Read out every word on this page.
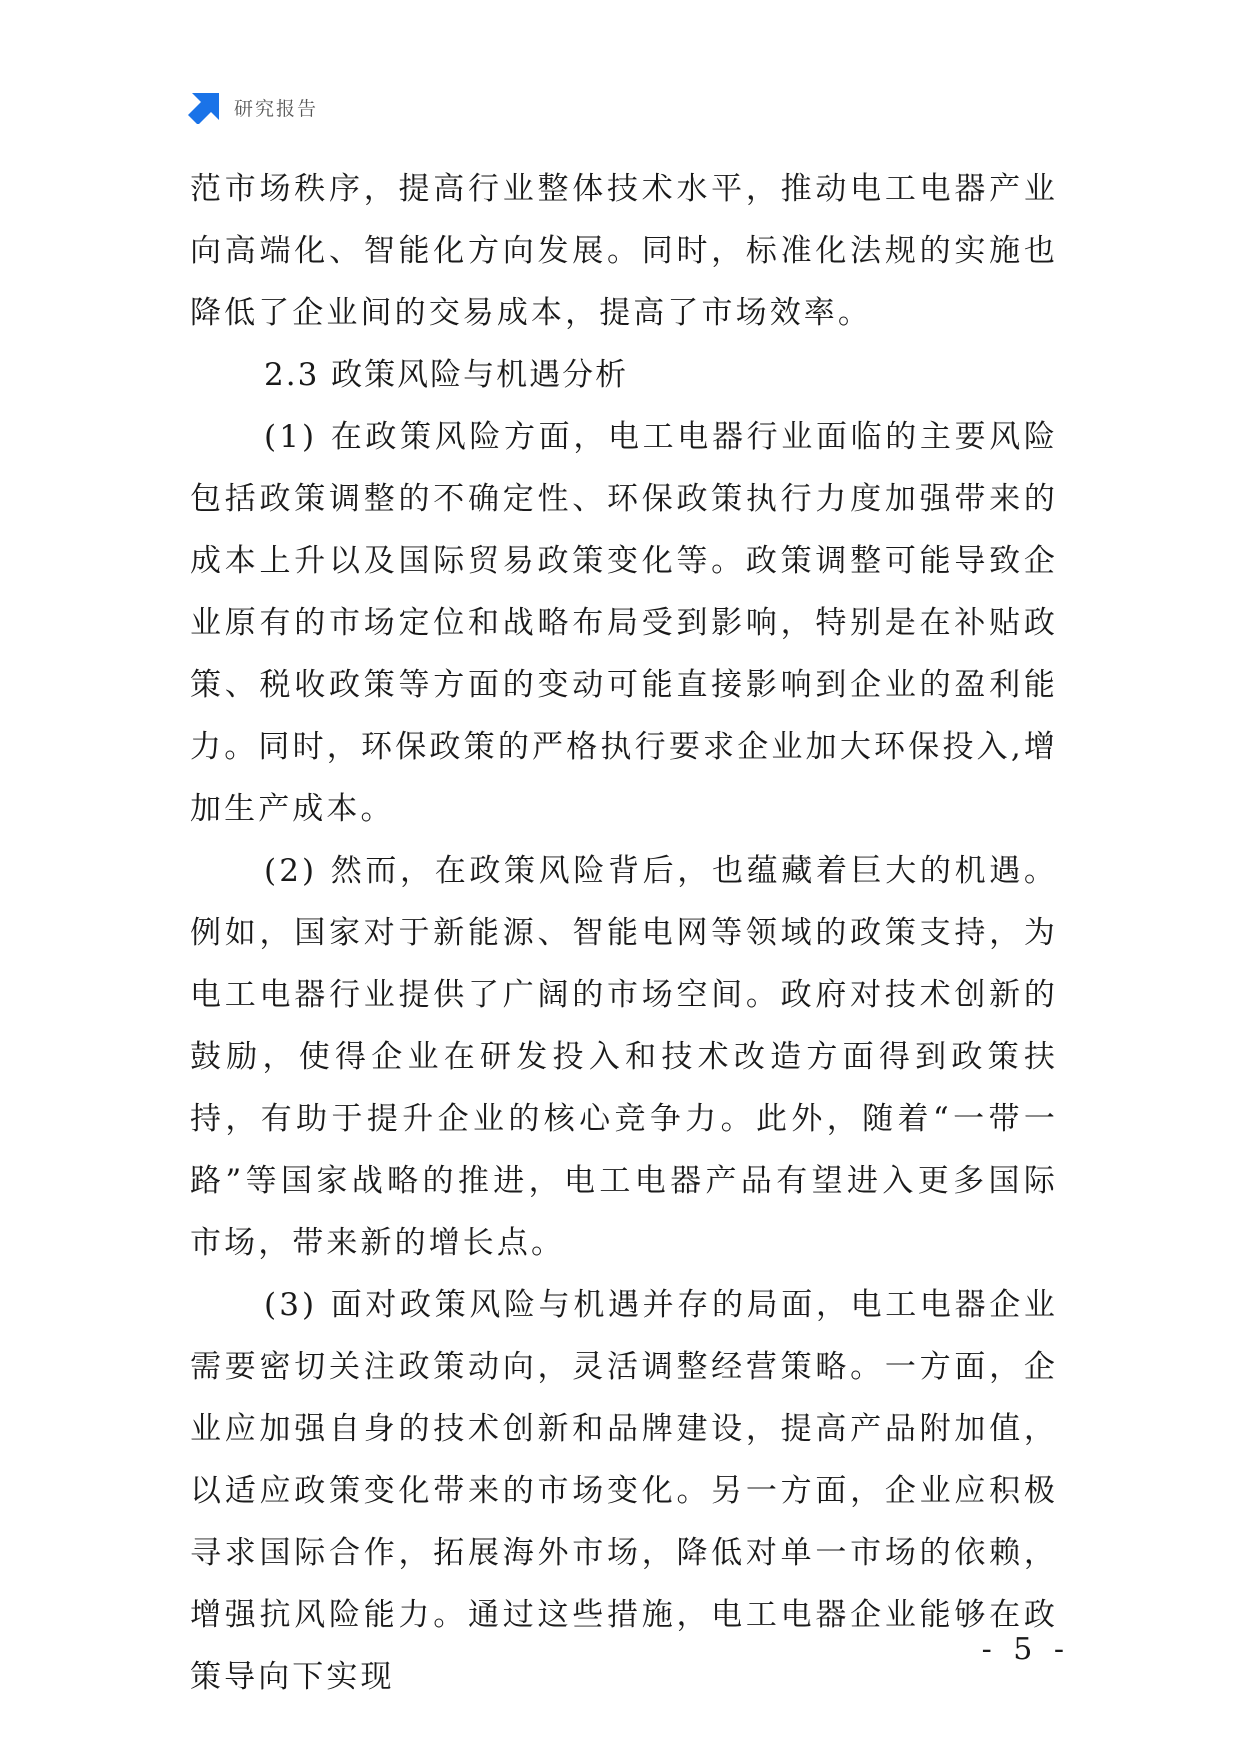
研究报告

范市场秩序，提高行业整体技术水平，推动电工电器产业向高端化、智能化方向发展。同时，标准化法规的实施也降低了企业间的交易成本，提高了市场效率。

2.3 政策风险与机遇分析

(1) 在政策风险方面，电工电器行业面临的主要风险包括政策调整的不确定性、环保政策执行力度加强带来的成本上升以及国际贸易政策变化等。政策调整可能导致企业原有的市场定位和战略布局受到影响，特别是在补贴政策、税收政策等方面的变动可能直接影响到企业的盈利能力。同时，环保政策的严格执行要求企业加大环保投入,增加生产成本。

(2) 然而，在政策风险背后，也蕴藏着巨大的机遇。例如，国家对于新能源、智能电网等领域的政策支持，为电工电器行业提供了广阔的市场空间。政府对技术创新的鼓励，使得企业在研发投入和技术改造方面得到政策扶持，有助于提升企业的核心竞争力。此外，随着“一带一路”等国家战略的推进，电工电器产品有望进入更多国际市场，带来新的增长点。

(3) 面对政策风险与机遇并存的局面，电工电器企业需要密切关注政策动向，灵活调整经营策略。一方面，企业应加强自身的技术创新和品牌建设，提高产品附加值，以适应政策变化带来的市场变化。另一方面，企业应积极寻求国际合作，拓展海外市场，降低对单一市场的依赖，增强抗风险能力。通过这些措施，电工电器企业能够在政策导向下实现

- 5 -
